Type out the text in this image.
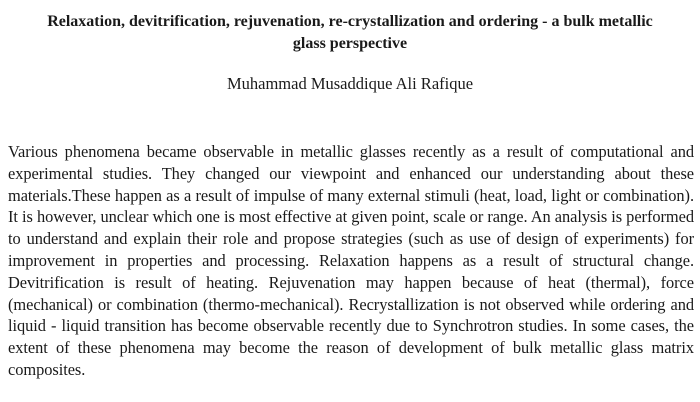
Relaxation, devitrification, rejuvenation, re-crystallization and ordering - a bulk metallic glass perspective

Muhammad Musaddique Ali Rafique

Various phenomena became observable in metallic glasses recently as a result of computational and experimental studies. They changed our viewpoint and enhanced our understanding about these materials.These happen as a result of impulse of many external stimuli (heat, load, light or combination). It is however, unclear which one is most effective at given point, scale or range. An analysis is performed to understand and explain their role and propose strategies (such as use of design of experiments) for improvement in properties and processing. Relaxation happens as a result of structural change. Devitrification is result of heating. Rejuvenation may happen because of heat (thermal), force (mechanical) or combination (thermo-mechanical). Recrystallization is not observed while ordering and liquid - liquid transition has become observable recently due to Synchrotron studies. In some cases, the extent of these phenomena may become the reason of development of bulk metallic glass matrix composites.
